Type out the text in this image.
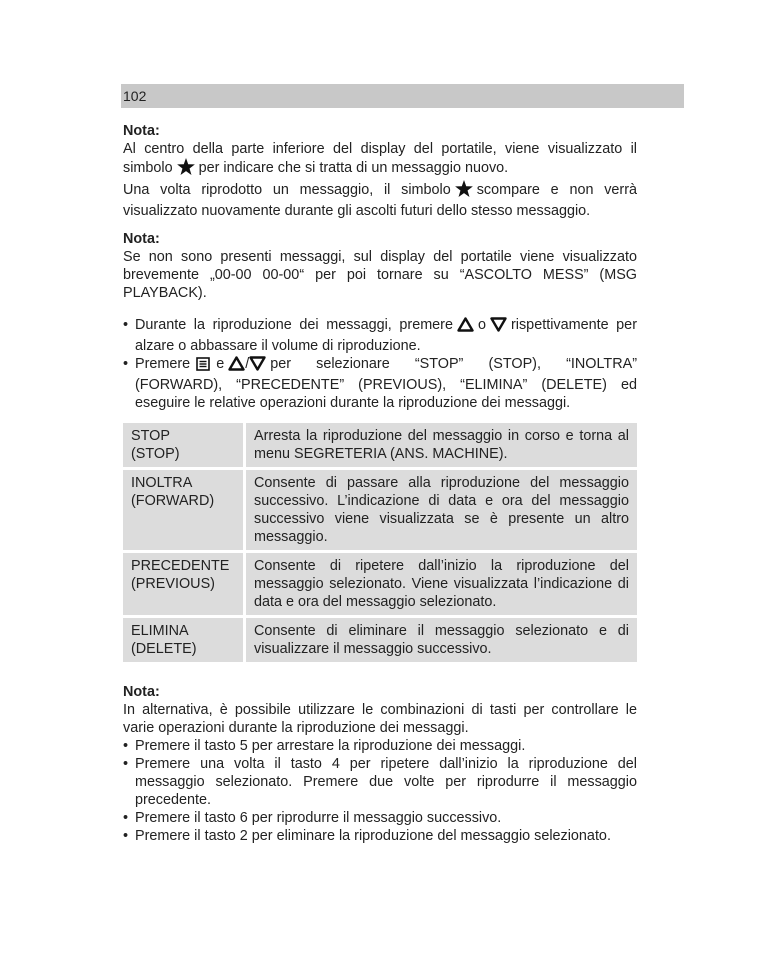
102

Nota:

Al centro della parte inferiore del display del portatile, viene visualizzato il simbolo per indicare che si tratta di un messaggio nuovo.

Una volta riprodotto un messaggio, il simbolo scompare e non verrà visualizzato nuovamente durante gli ascolti futuri dello stesso messaggio.

Nota:

Se non sono presenti messaggi, sul display del portatile viene visualizzato brevemente „00-00 00-00“ per poi tornare su “ASCOLTO MESS” (MSG PLAYBACK).

• Durante la riproduzione dei messaggi, premere o rispettivamente per alzare o abbassare il volume di riproduzione.
• Premere e / per selezionare “STOP” (STOP), “INOLTRA” (FORWARD), “PRECEDENTE” (PREVIOUS), “ELIMINA” (DELETE) ed eseguire le relative operazioni durante la riproduzione dei messaggi.
STOP
(STOP)	Arresta la riproduzione del messaggio in corso e torna al menu SEGRETERIA (ANS. MACHINE).

INOLTRA
(FORWARD)	Consente di passare alla riproduzione del messaggio successivo. L’indicazione di data e ora del messaggio successivo viene visualizzata se è presente un altro messaggio.

PRECEDENTE
(PREVIOUS)	Consente di ripetere dall’inizio la riproduzione del messaggio selezionato. Viene visualizzata l’indicazione di data e ora del messaggio selezionato.

ELIMINA
(DELETE)	Consente di eliminare il messaggio selezionato e di visualizzare il messaggio successivo.

Nota:

In alternativa, è possibile utilizzare le combinazioni di tasti per controllare le varie operazioni durante la riproduzione dei messaggi.

• Premere il tasto 5 per arrestare la riproduzione dei messaggi.
• Premere una volta il tasto 4 per ripetere dall’inizio la riproduzione del messaggio selezionato. Premere due volte per riprodurre il messaggio precedente.
• Premere il tasto 6 per riprodurre il messaggio successivo.
• Premere il tasto 2 per eliminare la riproduzione del messaggio selezionato.
